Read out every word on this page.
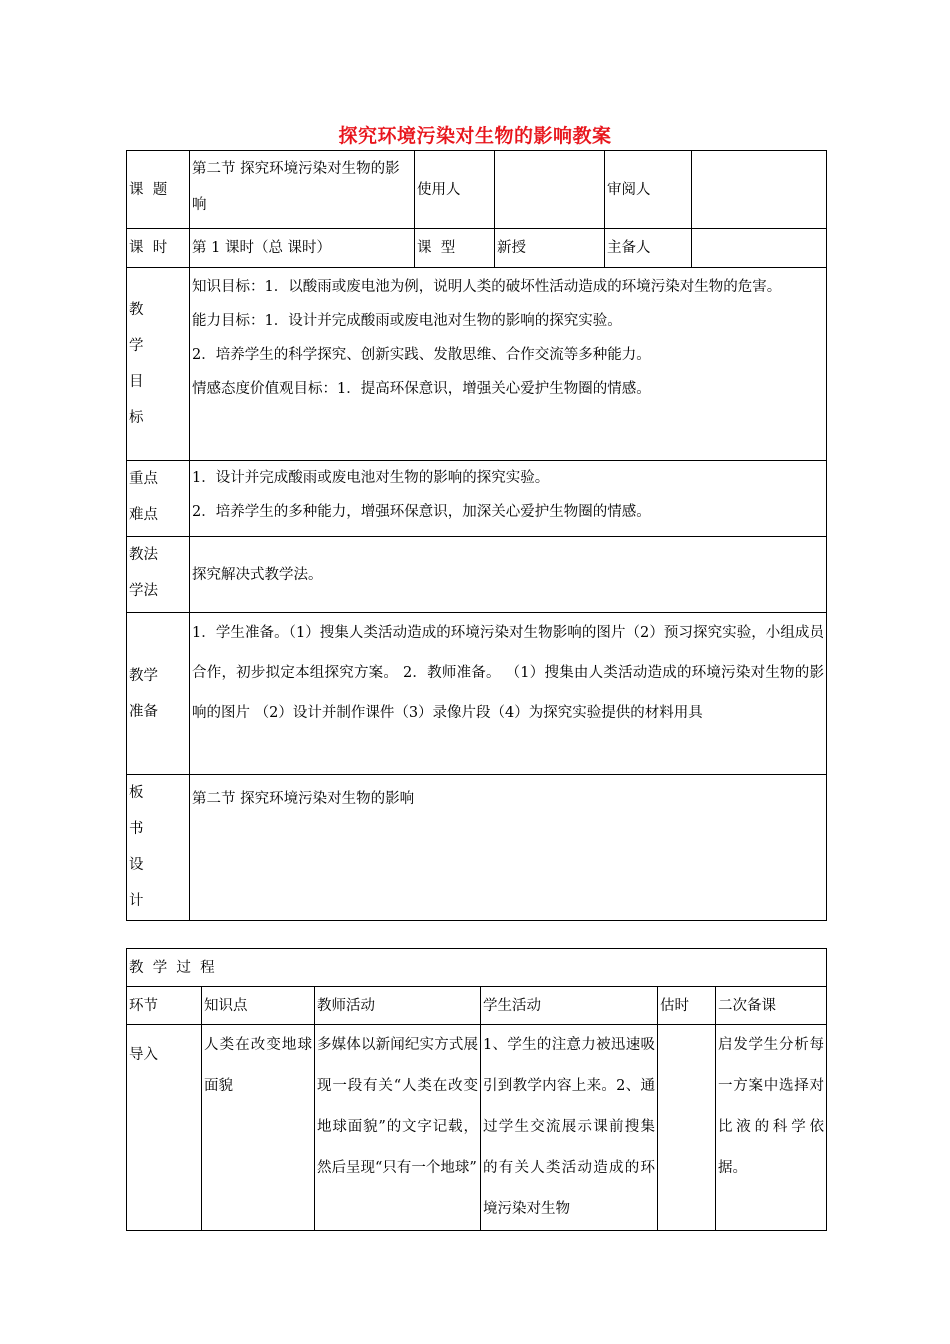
探究环境污染对生物的影响教案
课  题	第二节 探究环境污染对生物的影响	使用人		审阅人	
课  时	第 1 课时（总 课时）	课  型	新授	主备人	

教
学
目
标	知识目标：1．以酸雨或废电池为例，说明人类的破坏性活动造成的环境污染对生物的危害。
能力目标：1．设计并完成酸雨或废电池对生物的影响的探究实验。
2．培养学生的科学探究、创新实践、发散思维、合作交流等多种能力。
情感态度价值观目标：1．提高环保意识，增强关心爱护生物圈的情感。				

重点
难点	1．设计并完成酸雨或废电池对生物的影响的探究实验。
2．培养学生的多种能力，增强环保意识，加深关心爱护生物圈的情感。				

教法
学法	探究解决式教学法。				

教学
准备	1．学生准备。（1）搜集人类活动造成的环境污染对生物影响的图片（2）预习探究实验，小组成员合作，初步拟定本组探究方案。 2．教师准备。 （1）搜集由人类活动造成的环境污染对生物的影响的图片 （2）设计并制作课件（3）录像片段（4）为探究实验提供的材料用具				

板
书
设
计	第二节 探究环境污染对生物的影响				
教  学  过  程					
环节	知识点	教师活动	学生活动	估时	二次备课
导入	人类在改变地球面貌	多媒体以新闻纪实方式展现一段有关“人类在改变地球面貌”的文字记载，然后呈现“只有一个地球”	1、学生的注意力被迅速吸引到教学内容上来。2、通过学生交流展示课前搜集的有关人类活动造成的环境污染对生物		启发学生分析每一方案中选择对比液的科学依据。
